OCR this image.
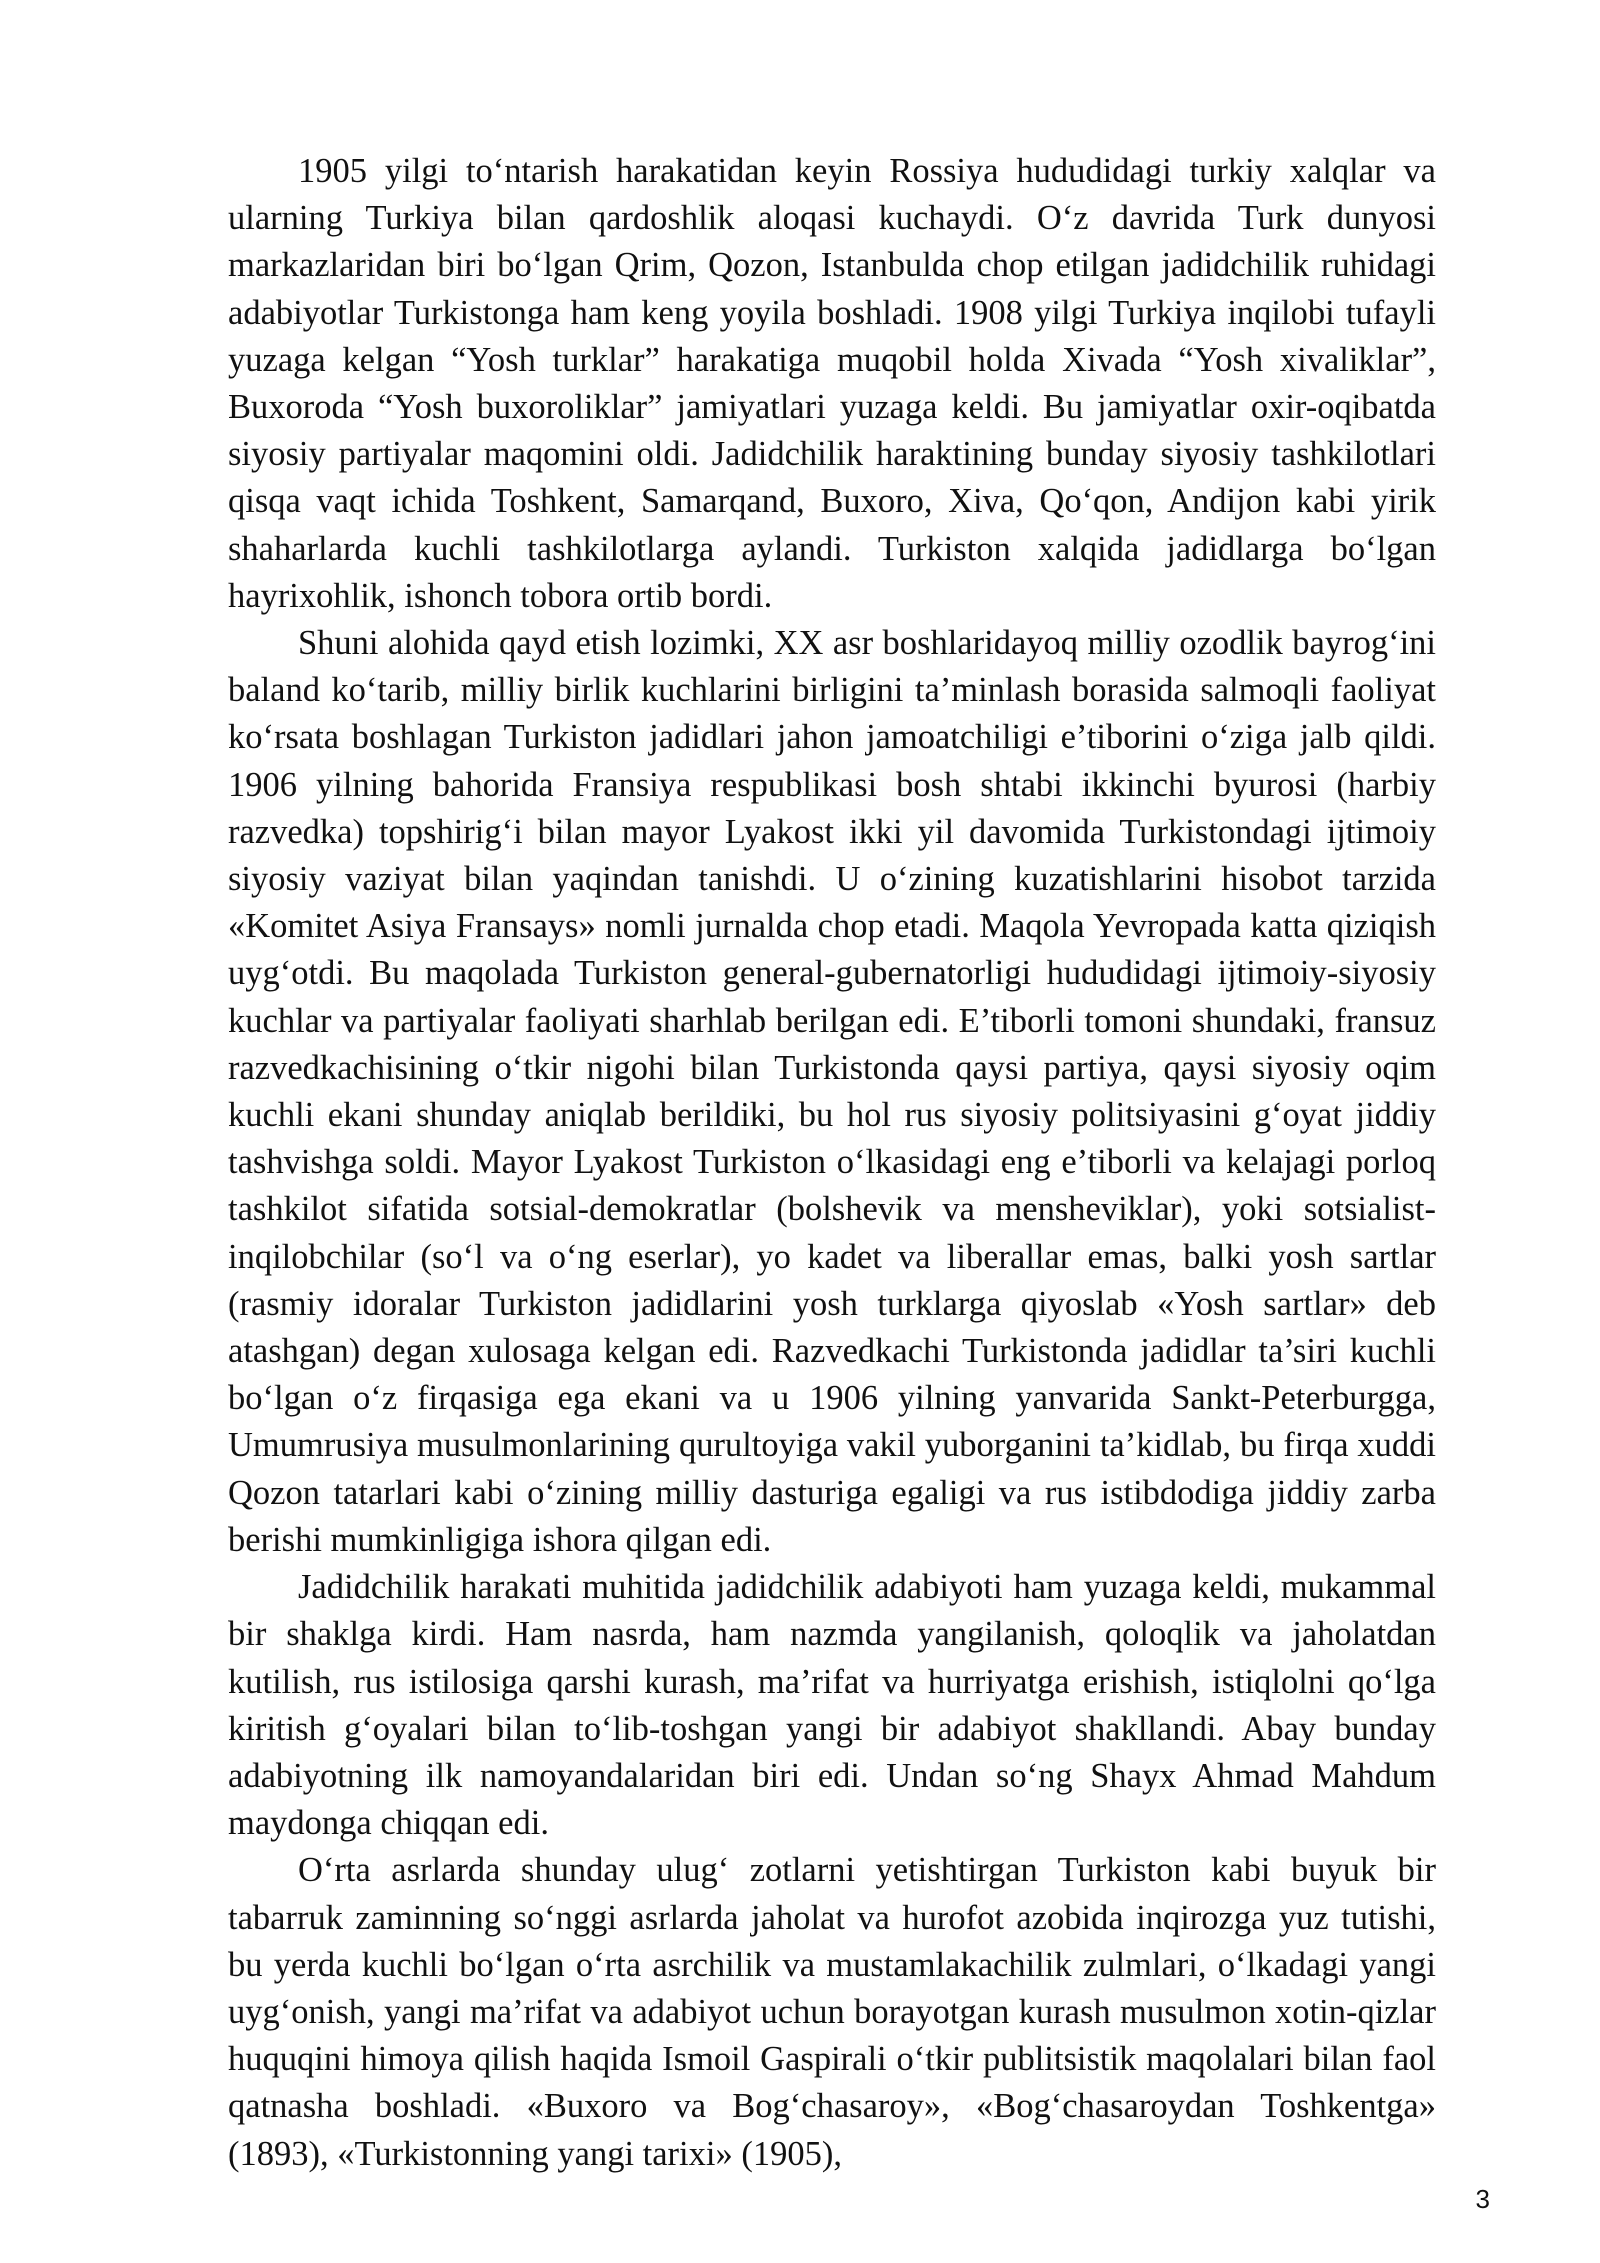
1905 yilgi to‘ntarish harakatidan keyin Rossiya hududidagi turkiy xalqlar va ularning Turkiya bilan qardoshlik aloqasi kuchaydi. O‘z davrida Turk dunyosi markazlaridan biri bo‘lgan Qrim, Qozon, Istanbulda chop etilgan jadidchilik ruhidagi adabiyotlar Turkistonga ham keng yoyila boshladi. 1908 yilgi Turkiya inqilobi tufayli yuzaga kelgan “Yosh turklar” harakatiga muqobil holda Xivada “Yosh xivaliklar”, Buxoroda “Yosh buxoroliklar” jamiyatlari yuzaga keldi. Bu jamiyatlar oxir-oqibatda siyosiy partiyalar maqomini oldi. Jadidchilik haraktining bunday siyosiy tashkilotlari qisqa vaqt ichida Toshkent, Samarqand, Buxoro, Xiva, Qo‘qon, Andijon kabi yirik shaharlarda kuchli tashkilotlarga aylandi. Turkiston xalqida jadidlarga bo‘lgan hayrixohlik, ishonch tobora ortib bordi.

Shuni alohida qayd etish lozimki, XX asr boshlaridayoq milliy ozodlik bayrog‘ini baland ko‘tarib, milliy birlik kuchlarini birligini ta’minlash borasida salmoqli faoliyat ko‘rsata boshlagan Turkiston jadidlari jahon jamoatchiligi e’tiborini o‘ziga jalb qildi. 1906 yilning bahorida Fransiya respublikasi bosh shtabi ikkinchi byurosi (harbiy razvedka) topshirig‘i bilan mayor Lyakost ikki yil davomida Turkistondagi ijtimoiy siyosiy vaziyat bilan yaqindan tanishdi. U o‘zining kuzatishlarini hisobot tarzida «Komitet Asiya Fransays» nomli jurnalda chop etadi. Maqola Yevropada katta qiziqish uyg‘otdi. Bu maqolada Turkiston general-gubernatorligi hududidagi ijtimoiy-siyosiy kuchlar va partiyalar faoliyati sharhlab berilgan edi. E’tiborli tomoni shundaki, fransuz razvedkachisining o‘tkir nigohi bilan Turkistonda qaysi partiya, qaysi siyosiy oqim kuchli ekani shunday aniqlab berildiki, bu hol rus siyosiy politsiyasini g‘oyat jiddiy tashvishga soldi. Mayor Lyakost Turkiston o‘lkasidagi eng e’tiborli va kelajagi porloq tashkilot sifatida sotsial-demokratlar (bolshevik va mensheviklar), yoki sotsialist-inqilobchilar (so‘l va o‘ng eserlar), yo kadet va liberallar emas, balki yosh sartlar (rasmiy idoralar Turkiston jadidlarini yosh turklarga qiyoslab «Yosh sartlar» deb atashgan) degan xulosaga kelgan edi. Razvedkachi Turkistonda jadidlar ta’siri kuchli bo‘lgan o‘z firqasiga ega ekani va u 1906 yilning yanvarida Sankt-Peterburgga, Umumrusiya musulmonlarining qurultoyiga vakil yuborganini ta’kidlab, bu firqa xuddi Qozon tatarlari kabi o‘zining milliy dasturiga egaligi va rus istibdodiga jiddiy zarba berishi mumkinligiga ishora qilgan edi.

Jadidchilik harakati muhitida jadidchilik adabiyoti ham yuzaga keldi, mukammal bir shaklga kirdi. Ham nasrda, ham nazmda yangilanish, qoloqlik va jaholatdan kutilish, rus istilosiga qarshi kurash, ma’rifat va hurriyatga erishish, istiqlolni qo‘lga kiritish g‘oyalari bilan to‘lib-toshgan yangi bir adabiyot shakllandi. Abay bunday adabiyotning ilk namoyandalaridan biri edi. Undan so‘ng Shayx Ahmad Mahdum maydonga chiqqan edi.

O‘rta asrlarda shunday ulug‘ zotlarni yetishtirgan Turkiston kabi buyuk bir tabarruk zaminning so‘nggi asrlarda jaholat va hurofot azobida inqirozga yuz tutishi, bu yerda kuchli bo‘lgan o‘rta asrchilik va mustamlakachilik zulmlari, o‘lkadagi yangi uyg‘onish, yangi ma’rifat va adabiyot uchun borayotgan kurash musulmon xotin-qizlar huquqini himoya qilish haqida Ismoil Gaspirali o‘tkir publitsistik maqolalari bilan faol qatnasha boshladi. «Buxoro va Bog‘chasaroy», «Bog‘chasaroydan Toshkentga» (1893), «Turkistonning yangi tarixi» (1905),

3
